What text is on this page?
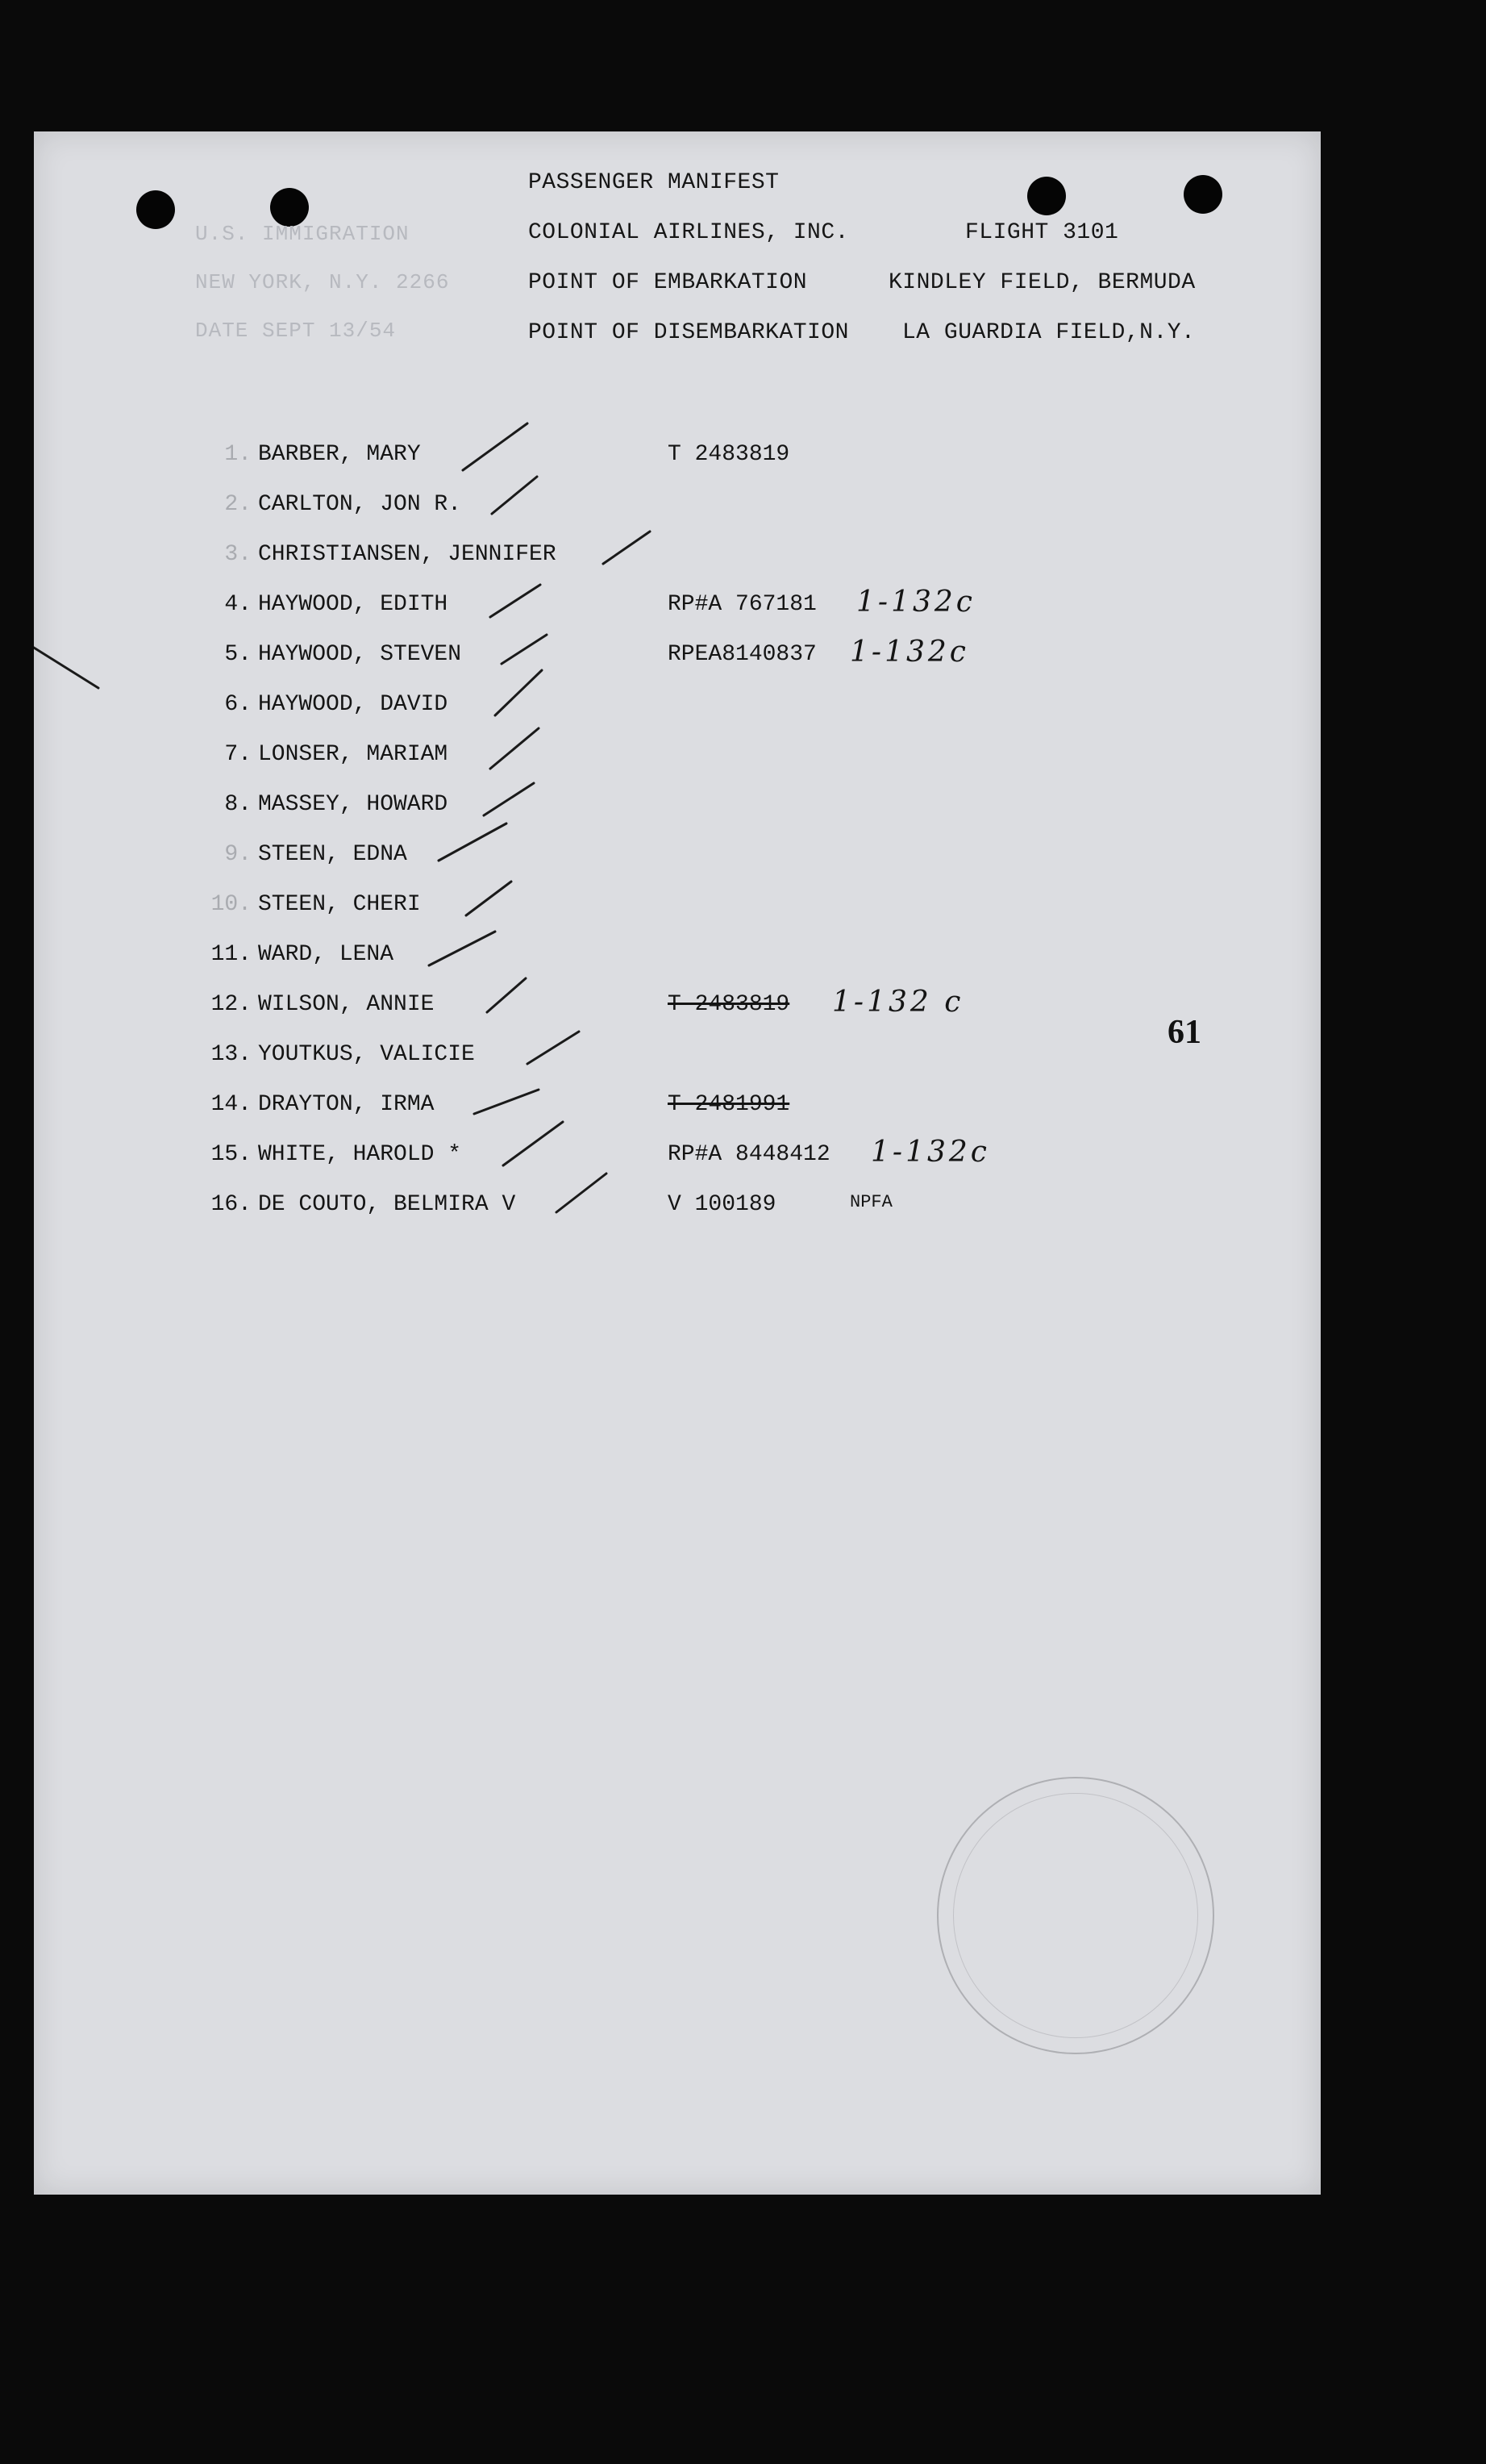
U.S. IMMIGRATION
NEW YORK, N.Y. 2266
DATE SEPT 13/54
PASSENGER MANIFEST
COLONIAL AIRLINES, INC.	FLIGHT 3101
POINT OF EMBARKATION	KINDLEY FIELD, BERMUDA
POINT OF DISEMBARKATION LA GUARDIA FIELD,N.Y.
1. BARBER, MARY	T 2483819
2. CARLTON, JON R.
3. CHRISTIANSEN, JENNIFER
4. HAYWOOD, EDITH	RP#A 767181 1-132c
5. HAYWOOD, STEVEN	RPEA8140837 1-132c
6. HAYWOOD, DAVID
7. LONSER, MARIAM
8. MASSEY, HOWARD
9. STEEN, EDNA
10. STEEN, CHERI
11. WARD, LENA
12. WILSON, ANNIE	T 2483819 1-132 c
13. YOUTKUS, VALICIE
14. DRAYTON, IRMA	T 2481991
15. WHITE, HAROLD *	RP#A 8448412 1-132c
16. DE COUTO, BELMIRA V	V 100189	NPFA
61
